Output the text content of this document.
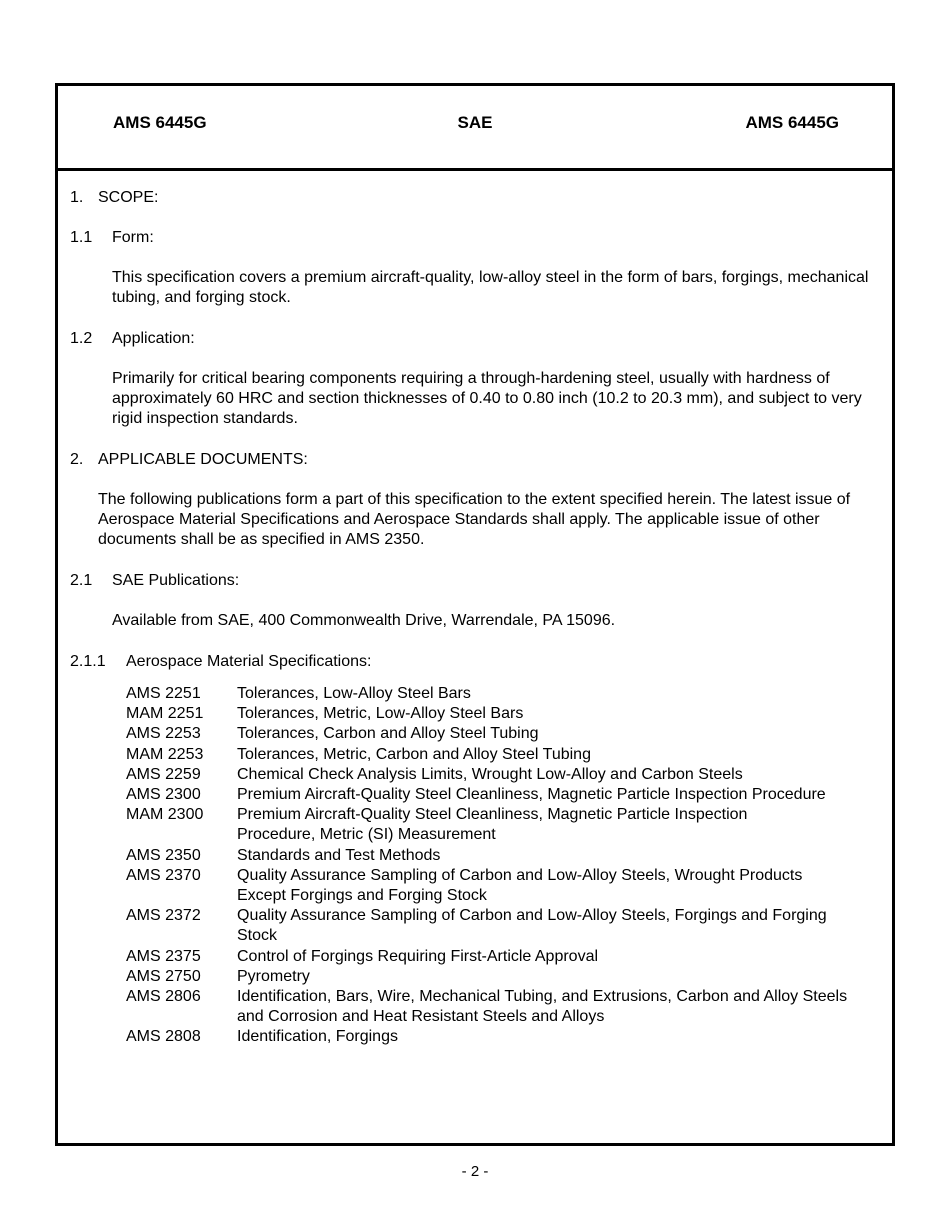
AMS 6445G	SAE	AMS 6445G
1. SCOPE:
1.1 Form:
This specification covers a premium aircraft-quality, low-alloy steel in the form of bars, forgings, mechanical tubing, and forging stock.
1.2 Application:
Primarily for critical bearing components requiring a through-hardening steel, usually with hardness of approximately 60 HRC and section thicknesses of 0.40 to 0.80 inch (10.2 to 20.3 mm), and subject to very rigid inspection standards.
2. APPLICABLE DOCUMENTS:
The following publications form a part of this specification to the extent specified herein. The latest issue of Aerospace Material Specifications and Aerospace Standards shall apply. The applicable issue of other documents shall be as specified in AMS 2350.
2.1 SAE Publications:
Available from SAE, 400 Commonwealth Drive, Warrendale, PA 15096.
2.1.1 Aerospace Material Specifications:
AMS 2251	Tolerances, Low-Alloy Steel Bars
MAM 2251	Tolerances, Metric, Low-Alloy Steel Bars
AMS 2253	Tolerances, Carbon and Alloy Steel Tubing
MAM 2253	Tolerances, Metric, Carbon and Alloy Steel Tubing
AMS 2259	Chemical Check Analysis Limits, Wrought Low-Alloy and Carbon Steels
AMS 2300	Premium Aircraft-Quality Steel Cleanliness, Magnetic Particle Inspection Procedure
MAM 2300	Premium Aircraft-Quality Steel Cleanliness, Magnetic Particle Inspection Procedure, Metric (SI) Measurement
AMS 2350	Standards and Test Methods
AMS 2370	Quality Assurance Sampling of Carbon and Low-Alloy Steels, Wrought Products Except Forgings and Forging Stock
AMS 2372	Quality Assurance Sampling of Carbon and Low-Alloy Steels, Forgings and Forging Stock
AMS 2375	Control of Forgings Requiring First-Article Approval
AMS 2750	Pyrometry
AMS 2806	Identification, Bars, Wire, Mechanical Tubing, and Extrusions, Carbon and Alloy Steels and Corrosion and Heat Resistant Steels and Alloys
AMS 2808	Identification, Forgings
- 2 -
